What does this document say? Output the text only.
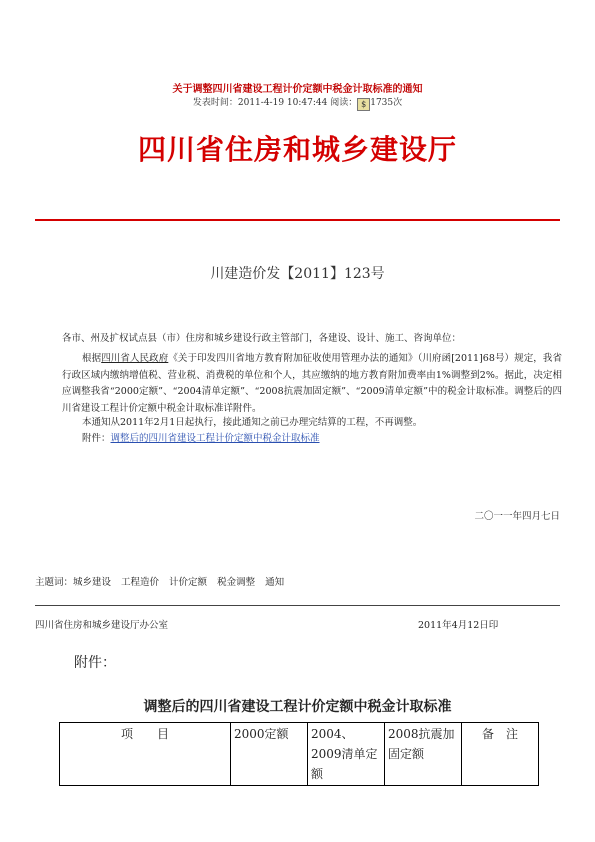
关于调整四川省建设工程计价定额中税金计取标准的通知
发表时间：2011-4-19 10:47:44 阅读： $ 1735次
四川省住房和城乡建设厅
川建造价发【2011】123号
各市、州及扩权试点县（市）住房和城乡建设行政主管部门，各建设、设计、施工、咨询单位：
根据四川省人民政府《关于印发四川省地方教育附加征收使用管理办法的通知》（川府函[2011]68号）规定，我省行政区域内缴纳增值税、营业税、消费税的单位和个人，其应缴纳的地方教育附加费率由1%调整到2%。据此，决定相应调整我省“2000定额”、“2004清单定额”、“2008抗震加固定额”、“2009清单定额”中的税金计取标准。调整后的四川省建设工程计价定额中税金计取标准详附件。
本通知从2011年2月1日起执行，接此通知之前已办理完结算的工程，不再调整。
附件：调整后的四川省建设工程计价定额中税金计取标准
二〇一一年四月七日
主题词：城乡建设 工程造价 计价定额 税金调整 通知
四川省住房和城乡建设厅办公室	2011年4月12日印
附件：
调整后的四川省建设工程计价定额中税金计取标准
项　　目	2000定额	2004、2009清单定额	2008抗震加固定额	备　注
